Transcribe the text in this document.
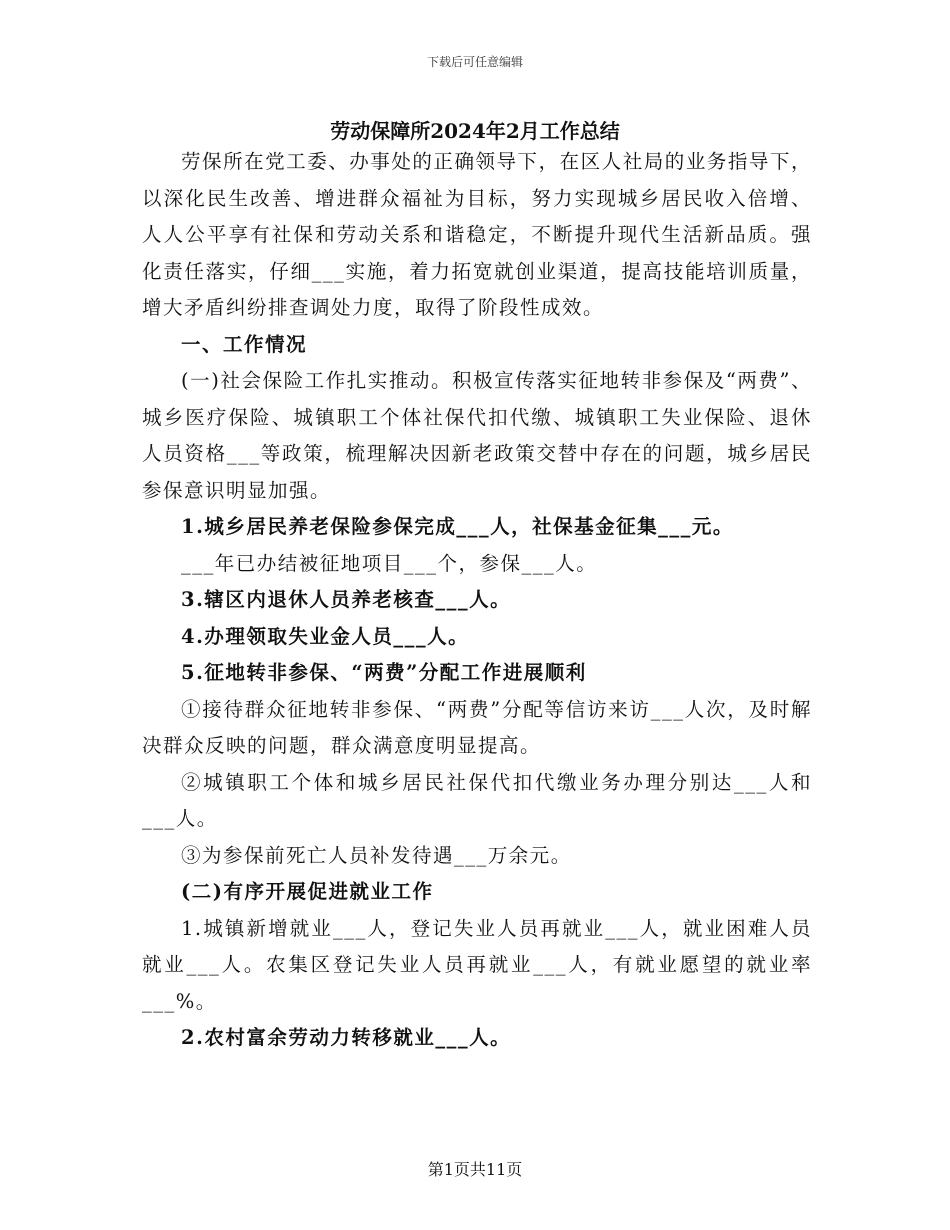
下载后可任意编辑
劳动保障所2024年2月工作总结

劳保所在党工委、办事处的正确领导下，在区人社局的业务指导下，以深化民生改善、增进群众福祉为目标，努力实现城乡居民收入倍增、人人公平享有社保和劳动关系和谐稳定，不断提升现代生活新品质。强化责任落实，仔细___实施，着力拓宽就创业渠道，提高技能培训质量，增大矛盾纠纷排查调处力度，取得了阶段性成效。

一、工作情况

(一)社会保险工作扎实推动。积极宣传落实征地转非参保及“两费”、城乡医疗保险、城镇职工个体社保代扣代缴、城镇职工失业保险、退休人员资格___等政策，梳理解决因新老政策交替中存在的问题，城乡居民参保意识明显加强。

1.城乡居民养老保险参保完成___人，社保基金征集___元。

___年已办结被征地项目___个，参保___人。

3.辖区内退休人员养老核查___人。

4.办理领取失业金人员___人。

5.征地转非参保、“两费”分配工作进展顺利

①接待群众征地转非参保、“两费”分配等信访来访___人次，及时解决群众反映的问题，群众满意度明显提高。

②城镇职工个体和城乡居民社保代扣代缴业务办理分别达___人和___人。

③为参保前死亡人员补发待遇___万余元。

(二)有序开展促进就业工作

1.城镇新增就业___人，登记失业人员再就业___人，就业困难人员就业___人。农集区登记失业人员再就业___人，有就业愿望的就业率___%。

2.农村富余劳动力转移就业___人。

第1页共11页
